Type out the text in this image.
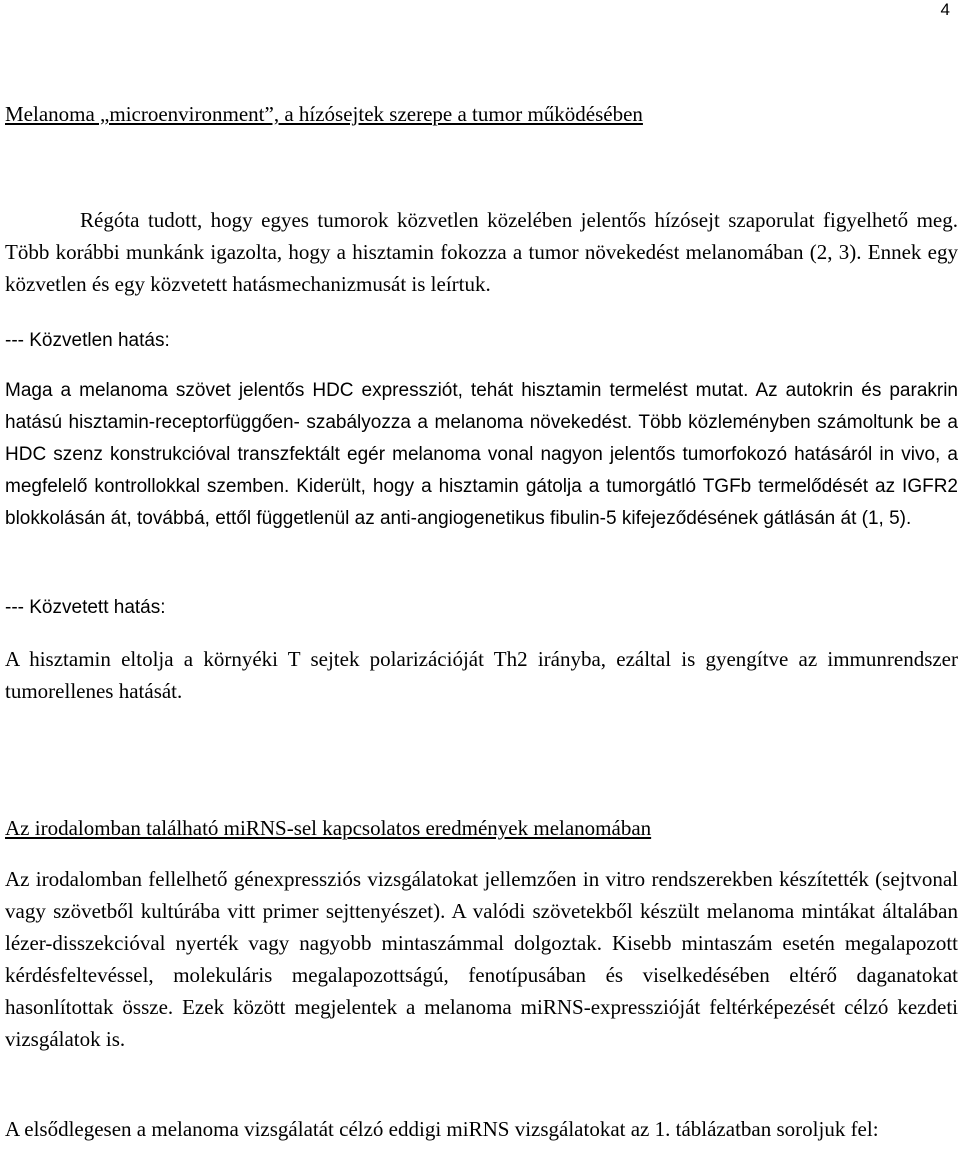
4
Melanoma „microenvironment”, a hízósejtek szerepe a tumor működésében

Régóta tudott, hogy egyes tumorok közvetlen közelében jelentős hízósejt szaporulat figyelhető meg. Több korábbi munkánk igazolta, hogy a hisztamin fokozza a tumor növekedést melanomában (2, 3). Ennek egy közvetlen és egy közvetett hatásmechanizmusát is leírtuk.

--- Közvetlen hatás:

Maga a melanoma szövet jelentős HDC expressziót, tehát hisztamin termelést mutat. Az autokrin és parakrin hatású hisztamin-receptorfüggően- szabályozza a melanoma növekedést. Több közleményben számoltunk be a HDC szenz konstrukcióval transzfektált egér melanoma vonal nagyon jelentős tumorfokozó hatásáról in vivo, a megfelelő kontrollokkal szemben. Kiderült, hogy a hisztamin gátolja a tumorgátló TGFb termelődését az IGFR2 blokkolásán át, továbbá, ettől függetlenül az anti-angiogenetikus fibulin-5 kifejeződésének gátlásán át (1, 5).

--- Közvetett hatás:

A hisztamin eltolja a környéki T sejtek polarizációját Th2 irányba, ezáltal is gyengítve az immunrendszer tumorellenes hatását.

Az irodalomban található miRNS-sel kapcsolatos eredmények melanomában

Az irodalomban fellelhető génexpressziós vizsgálatokat jellemzően in vitro rendszerekben készítették (sejtvonal vagy szövetből kultúrába vitt primer sejttenyészet). A valódi szövetekből készült melanoma mintákat általában lézer-disszekcióval nyerték vagy nagyobb mintaszámmal dolgoztak. Kisebb mintaszám esetén megalapozott kérdésfeltevéssel, molekuláris megalapozottságú, fenotípusában és viselkedésében eltérő daganatokat hasonlítottak össze. Ezek között megjelentek a melanoma miRNS-expresszióját feltérképezését célzó kezdeti vizsgálatok is.

A elsődlegesen a melanoma vizsgálatát célzó eddigi miRNS vizsgálatokat az 1. táblázatban soroljuk fel:
